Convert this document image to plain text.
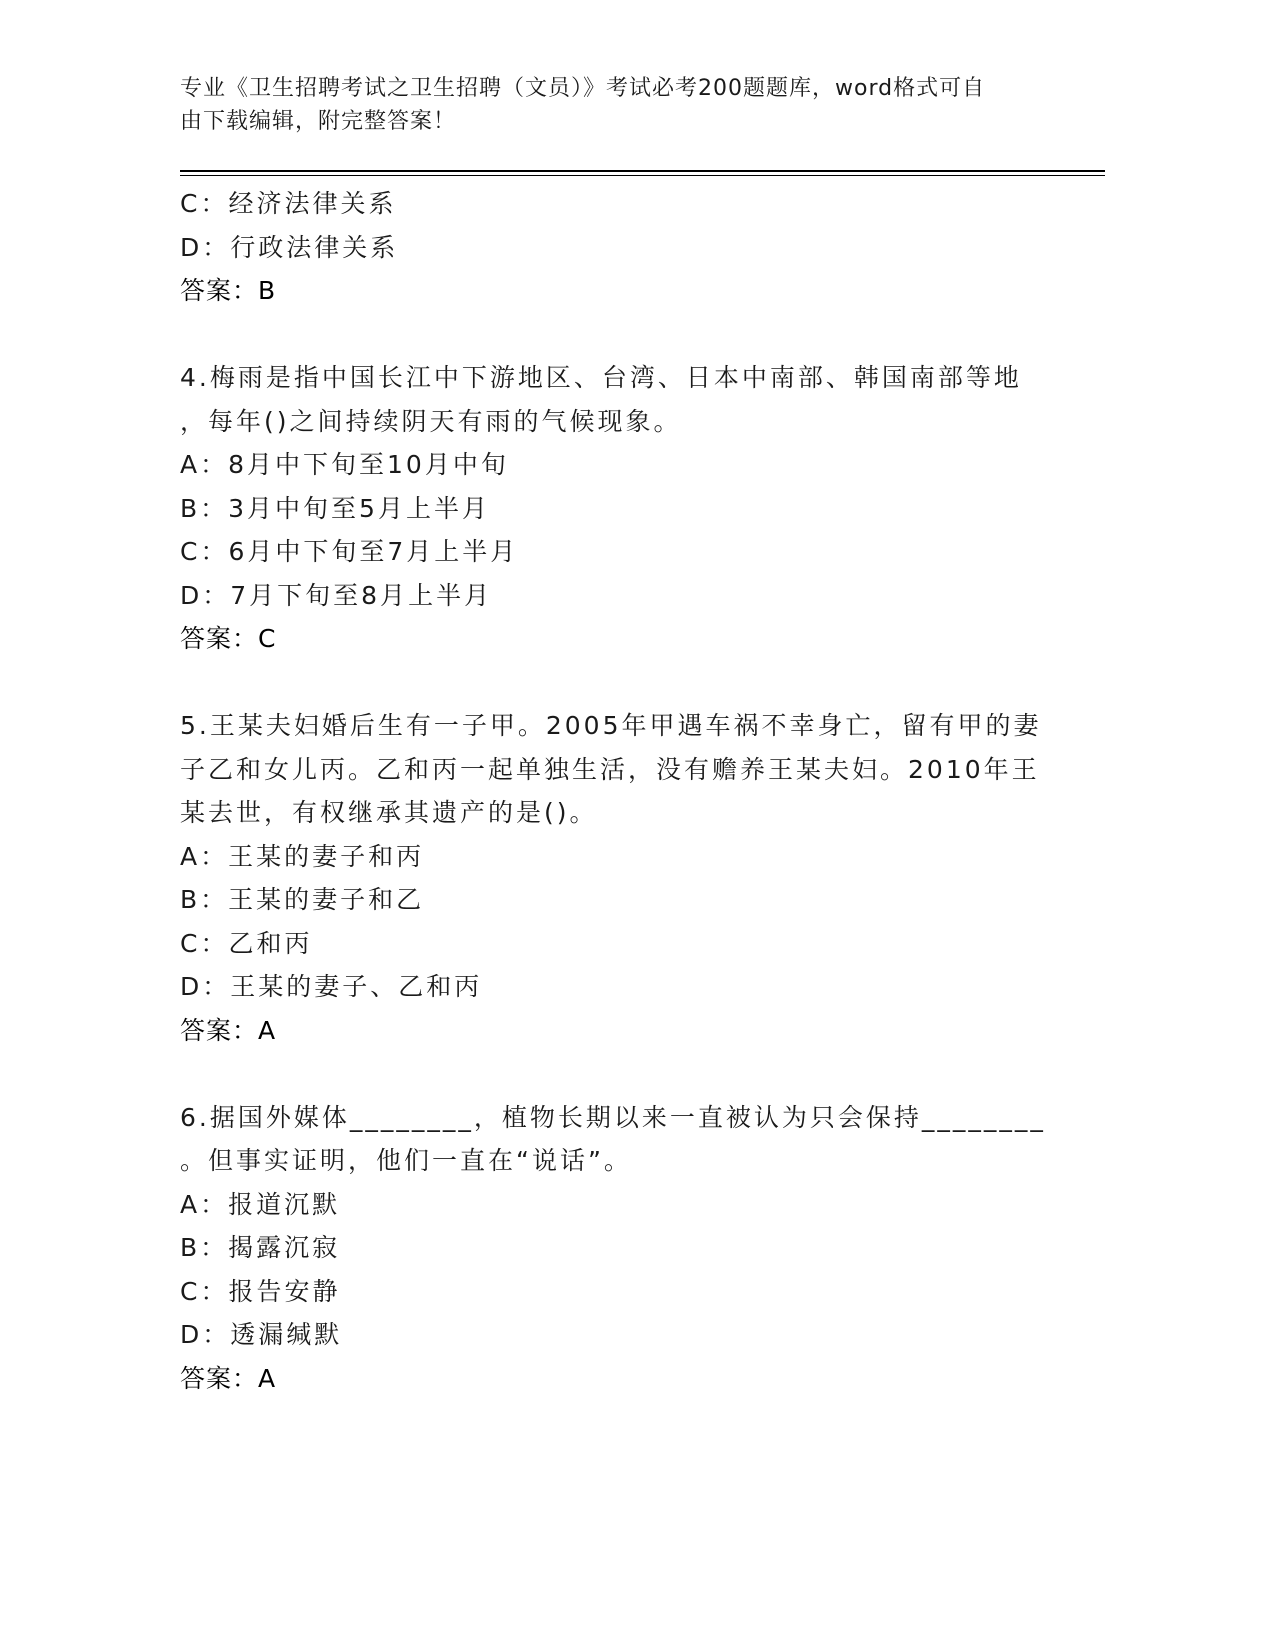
专业《卫生招聘考试之卫生招聘（文员）》考试必考200题题库，word格式可自
由下载编辑，附完整答案！
C：经济法律关系
D：行政法律关系
答案：B
4.梅雨是指中国长江中下游地区、台湾、日本中南部、韩国南部等地
，每年()之间持续阴天有雨的气候现象。
A：8月中下旬至10月中旬
B：3月中旬至5月上半月
C：6月中下旬至7月上半月
D：7月下旬至8月上半月
答案：C
5.王某夫妇婚后生有一子甲。2005年甲遇车祸不幸身亡，留有甲的妻
子乙和女儿丙。乙和丙一起单独生活，没有赡养王某夫妇。2010年王
某去世，有权继承其遗产的是()。
A：王某的妻子和丙
B：王某的妻子和乙
C：乙和丙
D：王某的妻子、乙和丙
答案：A
6.据国外媒体________，植物长期以来一直被认为只会保持________
。但事实证明，他们一直在“说话”。
A：报道沉默
B：揭露沉寂
C：报告安静
D：透漏缄默
答案：A
